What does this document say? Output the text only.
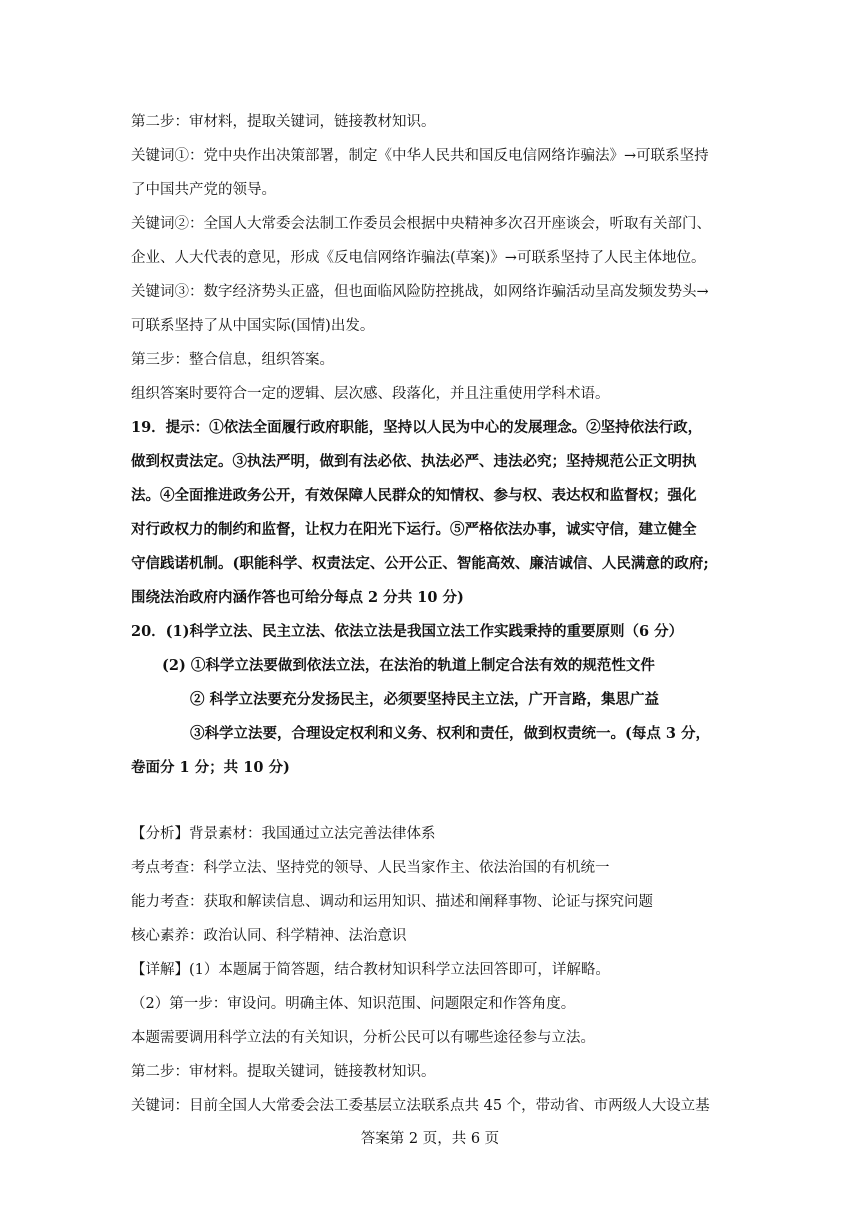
第二步：审材料，提取关键词，链接教材知识。
关键词①：党中央作出决策部署，制定《中华人民共和国反电信网络诈骗法》→可联系坚持
了中国共产党的领导。
关键词②：全国人大常委会法制工作委员会根据中央精神多次召开座谈会，听取有关部门、
企业、人大代表的意见，形成《反电信网络诈骗法(草案)》→可联系坚持了人民主体地位。
关键词③：数字经济势头正盛，但也面临风险防控挑战，如网络诈骗活动呈高发频发势头→
可联系坚持了从中国实际(国情)出发。
第三步：整合信息，组织答案。
组织答案时要符合一定的逻辑、层次感、段落化，并且注重使用学科术语。
19．提示：①依法全面履行政府职能，坚持以人民为中心的发展理念。②坚持依法行政，
做到权责法定。③执法严明，做到有法必依、执法必严、违法必究；坚持规范公正文明执
法。④全面推进政务公开，有效保障人民群众的知情权、参与权、表达权和监督权；强化
对行政权力的制约和监督，让权力在阳光下运行。⑤严格依法办事，诚实守信，建立健全
守信践诺机制。(职能科学、权责法定、公开公正、智能高效、廉洁诚信、人民满意的政府;
围绕法治政府内涵作答也可给分每点 2 分共 10 分)
20．(1)科学立法、民主立法、依法立法是我国立法工作实践秉持的重要原则（6 分）
(2) ①科学立法要做到依法立法，在法治的轨道上制定合法有效的规范性文件
② 科学立法要充分发扬民主，必须要坚持民主立法，广开言路，集思广益
③科学立法要，合理设定权利和义务、权利和责任，做到权责统一。(每点 3 分，
卷面分 1 分；共 10 分)
【分析】背景素材：我国通过立法完善法律体系
考点考查：科学立法、坚持党的领导、人民当家作主、依法治国的有机统一
能力考查：获取和解读信息、调动和运用知识、描述和阐释事物、论证与探究问题
核心素养：政治认同、科学精神、法治意识
【详解】(1）本题属于简答题，结合教材知识科学立法回答即可，详解略。
（2）第一步：审设问。明确主体、知识范围、问题限定和作答角度。
本题需要调用科学立法的有关知识，分析公民可以有哪些途径参与立法。
第二步：审材料。提取关键词，链接教材知识。
关键词：目前全国人大常委会法工委基层立法联系点共 45 个，带动省、市两级人大设立基
答案第 2 页，共 6 页
